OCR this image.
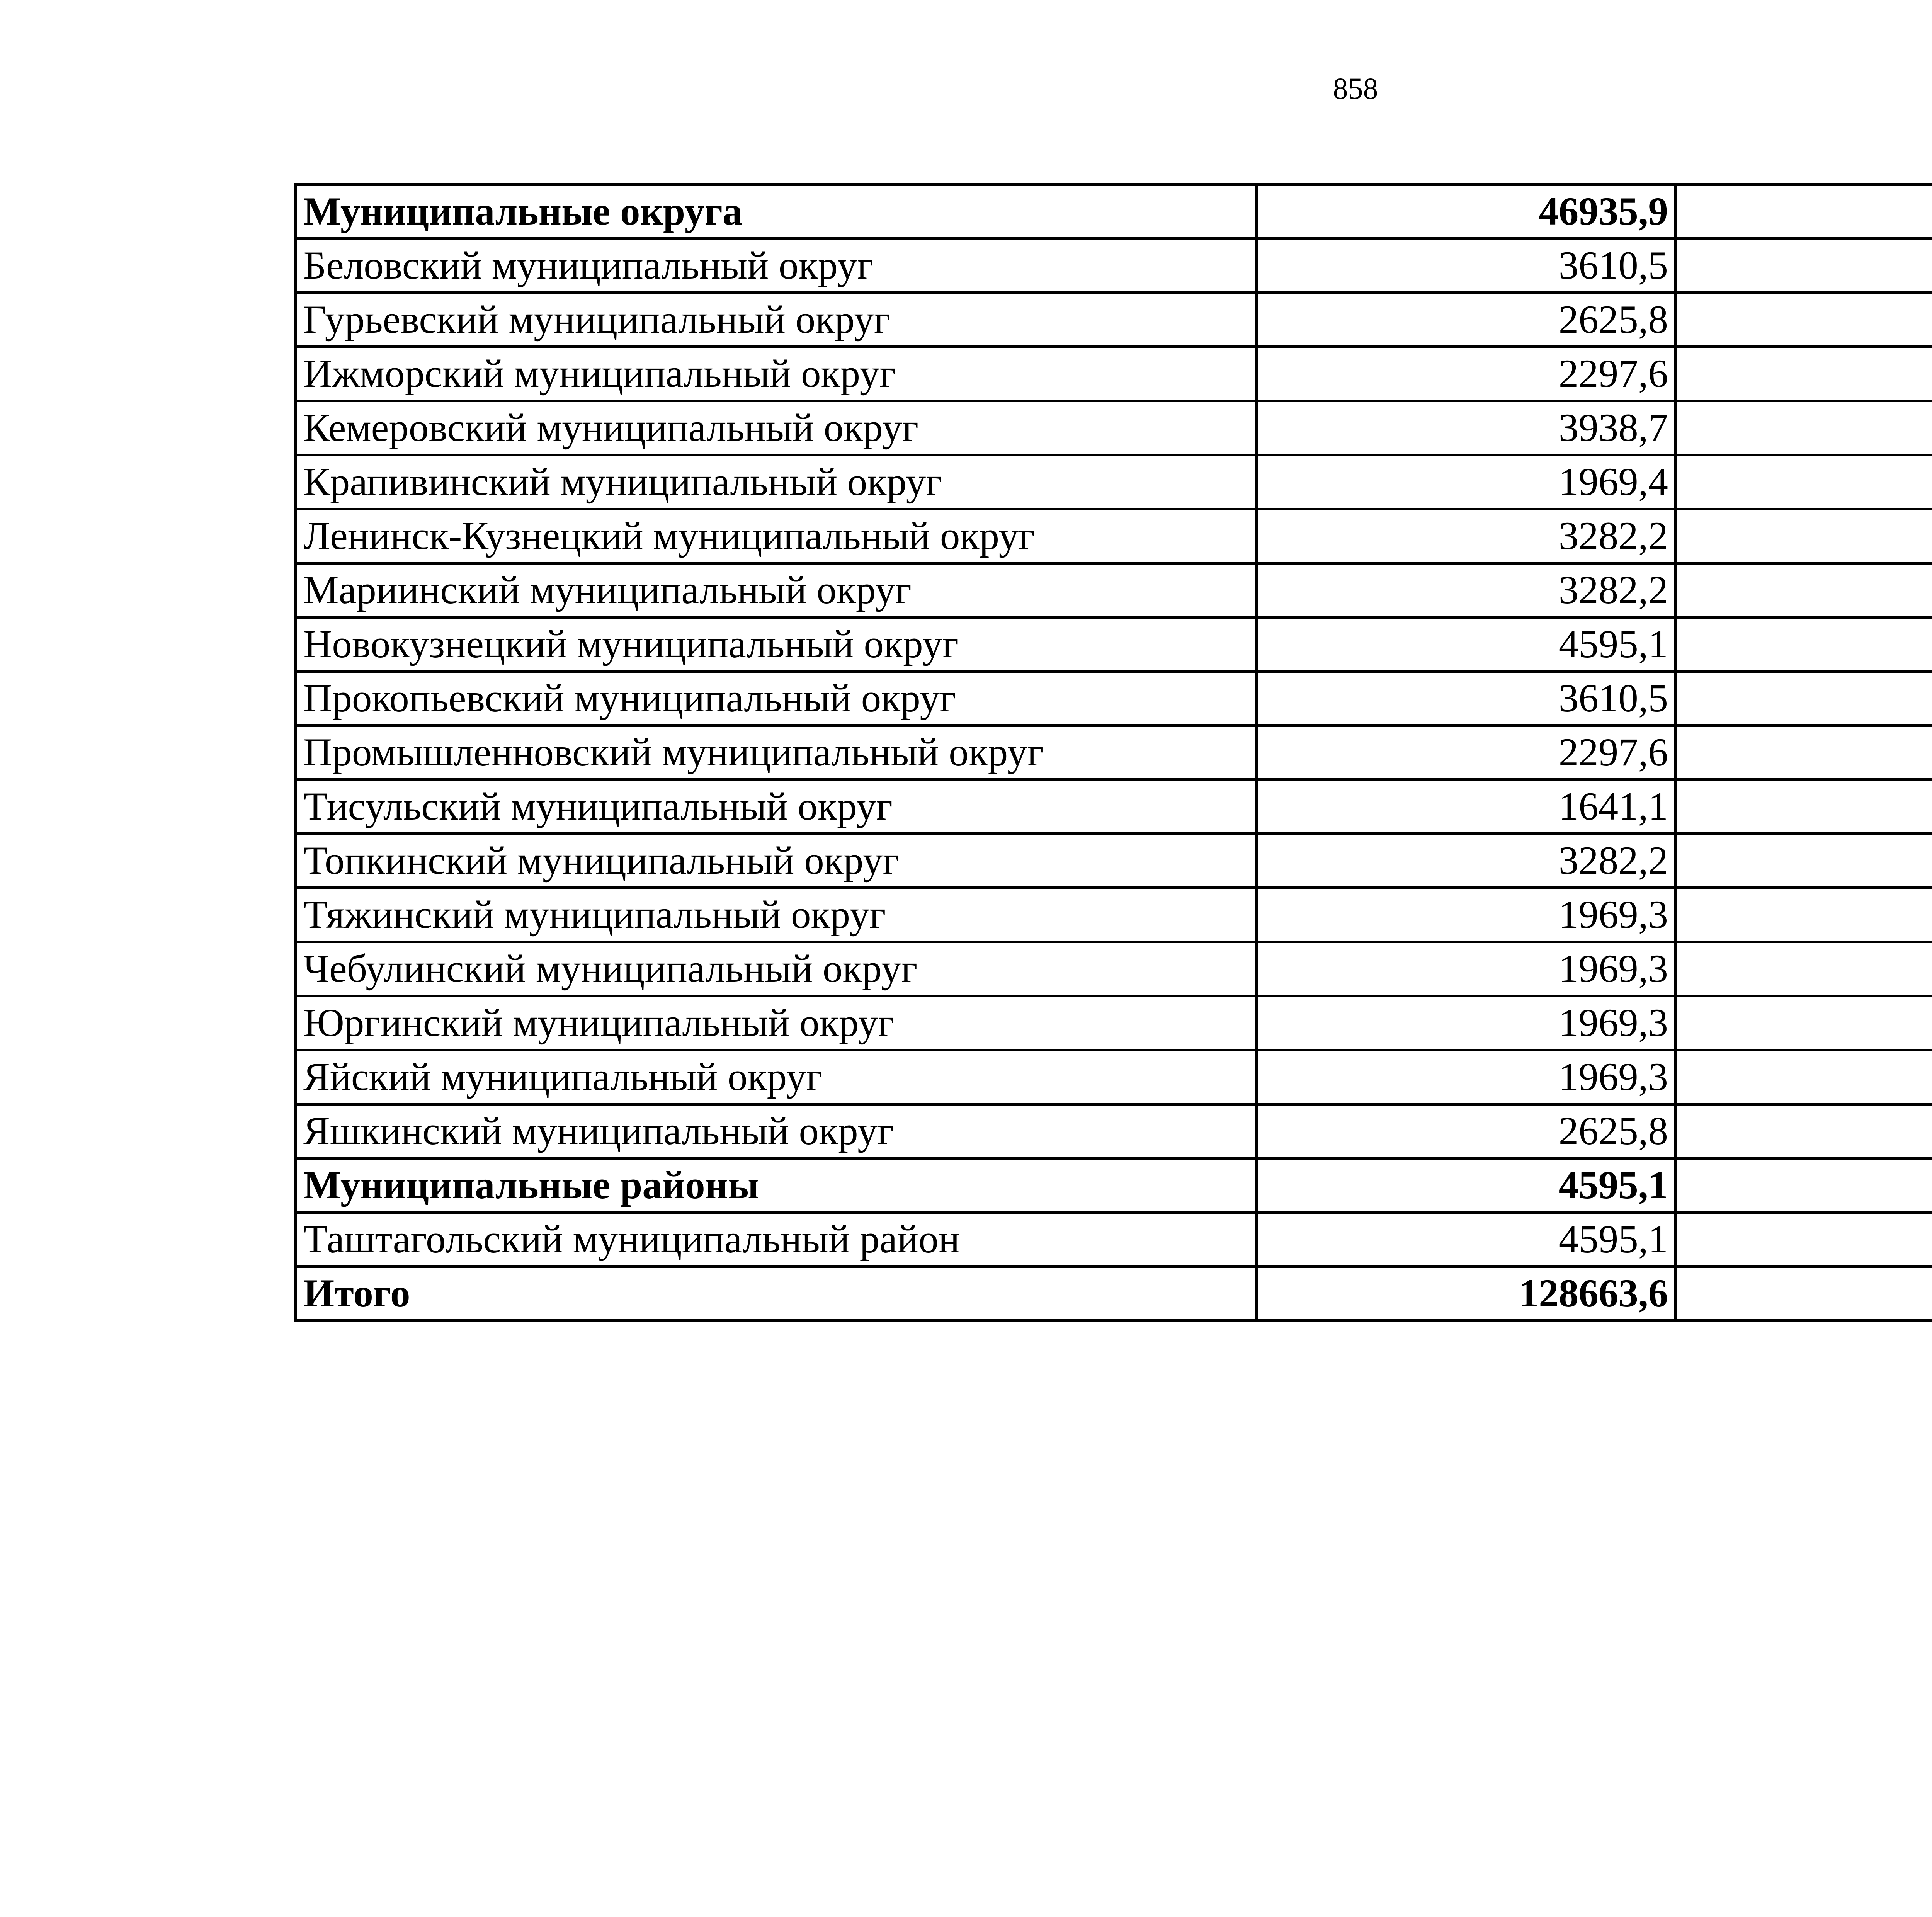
858
Муниципальные округа	46935,9		
Беловский муниципальный округ	3610,5		
Гурьевский муниципальный округ	2625,8		
Ижморский муниципальный округ	2297,6		
Кемеровский муниципальный округ	3938,7		
Крапивинский муниципальный округ	1969,4		
Ленинск-Кузнецкий муниципальный округ	3282,2		
Мариинский муниципальный округ	3282,2		
Новокузнецкий муниципальный округ	4595,1		
Прокопьевский муниципальный округ	3610,5		
Промышленновский муниципальный округ	2297,6		
Тисульский муниципальный округ	1641,1		
Топкинский муниципальный округ	3282,2		
Тяжинский муниципальный округ	1969,3		
Чебулинский муниципальный округ	1969,3		
Юргинский муниципальный округ	1969,3		
Яйский муниципальный округ	1969,3		
Яшкинский муниципальный округ	2625,8		
Муниципальные районы	4595,1		
Таштагольский муниципальный район	4595,1		
Итого	128663,6		
